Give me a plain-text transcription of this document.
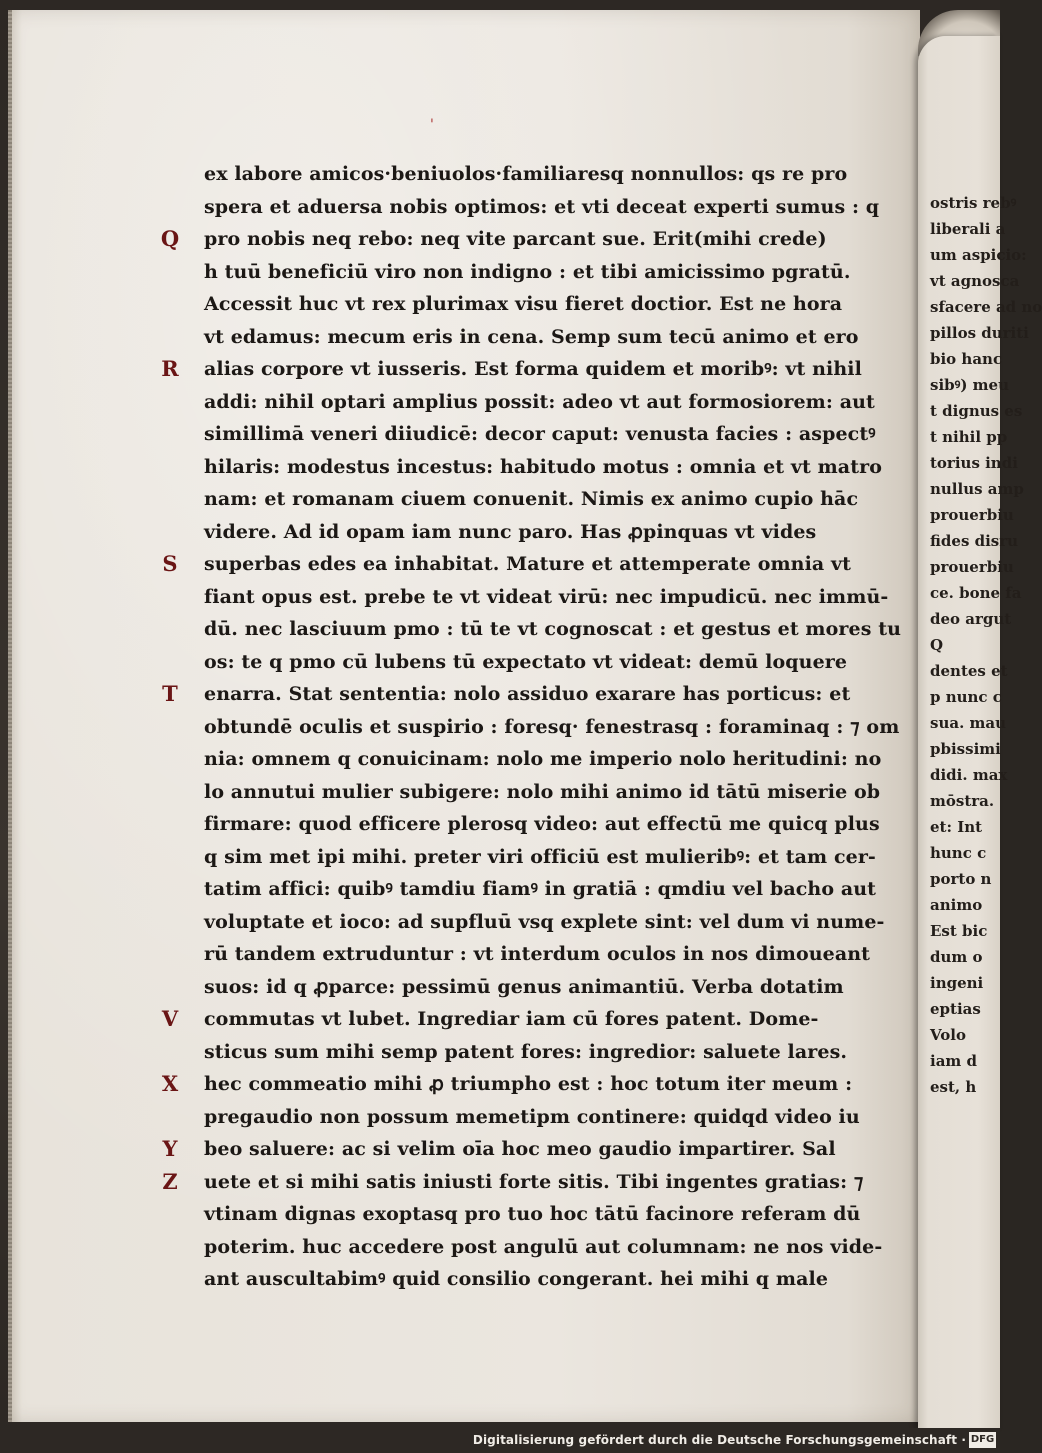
'
Q
R
S
T
V
X
Y
Z
ex labore amicos·beniuolos·familiaresq nonnullos: qs re pro
spera et aduersa nobis optimos: et vti deceat experti sumus : q
pro nobis neq rebo: neq vite parcant sue. Erit(mihi crede)
h tuū beneficiū viro non indigno : et tibi amicissimo pgratū.
Accessit huc vt rex plurimax visu fieret doctior. Est ne hora
vt edamus: mecum eris in cena. Semp sum tecū animo et ero
alias corpore vt iusseris. Est forma quidem et moribꝰ: vt nihil
addi: nihil optari amplius possit: adeo vt aut formosiorem: aut
simillimā veneri diiudicē: decor caput: venusta facies : aspectꝰ
hilaris: modestus incestus: habitudo motus : omnia et vt matro
nam: et romanam ciuem conuenit. Nimis ex animo cupio hāc
videre. Ad id opam iam nunc paro. Has ꝓpinquas vt vides
superbas edes ea inhabitat. Mature et attemperate omnia vt
fiant opus est. prebe te vt videat virū: nec impudicū. nec immū-
dū. nec lasciuum pmo : tū te vt cognoscat : et gestus et mores tu
os: te q pmo cū lubens tū expectato vt videat: demū loquere
enarra. Stat sententia: nolo assiduo exarare has porticus: et
obtundē oculis et suspirio : foresq· fenestrasq : foraminaq : ⁊ om
nia: omnem q conuicinam: nolo me imperio nolo heritudini: no
lo annutui mulier subigere: nolo mihi animo id tātū miserie ob
firmare: quod efficere plerosq video: aut effectū me quicq plus
q sim met ipi mihi. preter viri officiū est mulieribꝰ: et tam cer-
tatim affici: quibꝰ tamdiu fiamꝰ in gratiā : qmdiu vel bacho aut
voluptate et ioco: ad supfluū vsq explete sint: vel dum vi nume-
rū tandem extruduntur : vt interdum oculos in nos dimoueant
suos: id q ꝓparce: pessimū genus animantiū. Verba dotatim
commutas vt lubet. Ingrediar iam cū fores patent. Dome-
sticus sum mihi semp patent fores: ingredior: saluete lares.
hec commeatio mihi ꝓ triumpho est : hoc totum iter meum :
pregaudio non possum memetipm continere: quidqd video iu
beo saluere: ac si velim oīa hoc meo gaudio impartirer. Sal
uete et si mihi satis iniusti forte sitis. Tibi ingentes gratias: ⁊
vtinam dignas exoptasq pro tuo hoc tātū facinore referam dū
poterim. huc accedere post angulū aut columnam: ne nos vide-
ant auscultabimꝰ quid consilio congerant. hei mihi q male
ostris rebꝰ
liberali a
um aspicio:
vt agnosca
sfacere ad no
pillos duriti
bio hanc
sibꝰ) meu
t dignus es
t nihil pp
torius indi
nullus amp
prouerbiu
fides disru
prouerbiu
ce. bone fa
deo argut
Q
dentes et
p nunc c
sua. mau
pbissimi
didi. max
mōstra.
et: Int
hunc c
porto n
animo
Est bic
dum o
ingeni
eptias
Volo
iam d
est, h
Digitalisierung gefördert durch die Deutsche Forschungsgemeinschaft · DFG
